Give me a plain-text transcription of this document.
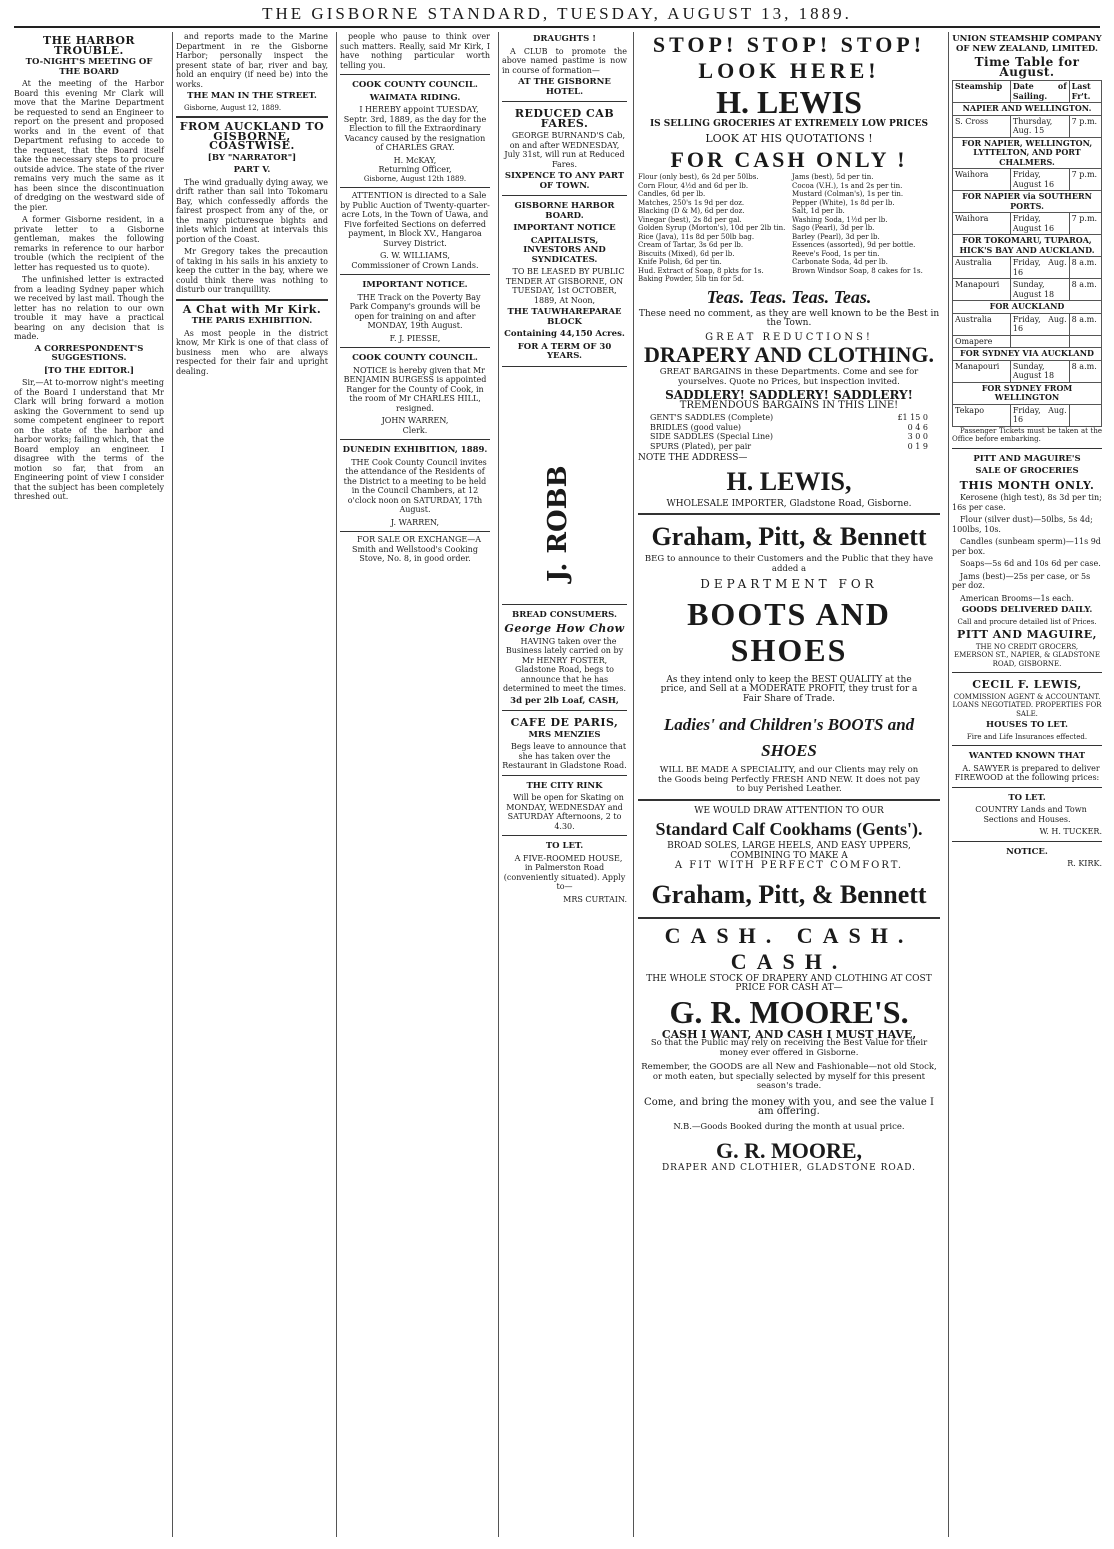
THE GISBORNE STANDARD, TUESDAY, AUGUST 13, 1889.
THE HARBOR TROUBLE.
TO-NIGHT'S MEETING OF THE BOARD

At the meeting of the Harbor Board this evening Mr Clark will move that the Marine Department be requested to send an Engineer to report on the present and proposed works and in the event of that Department refusing to accede to the request, that the Board itself take the necessary steps to procure outside advice. The state of the river remains very much the same as it has been since the discontinuation of dredging on the westward side of the pier.

A former Gisborne resident, in a private letter to a Gisborne gentleman, makes the following remarks in reference to our harbor trouble (which the recipient of the letter has requested us to quote).

The unfinished letter is extracted from a leading Sydney paper which we received by last mail. Though the letter has no relation to our own trouble it may have a practical bearing on any decision that is made.

A CORRESPONDENT'S SUGGESTIONS.
[TO THE EDITOR.]

Sir,—At to-morrow night's meeting of the Board I understand that Mr Clark will bring forward a motion asking the Government to send up some competent engineer to report on the state of the harbor and harbor works; failing which, that the Board employ an engineer. I disagree with the terms of the motion so far, that from an Engineering point of view I consider that the subject has been completely threshed out.

and reports made to the Marine Department in re the Gisborne Harbor; personally inspect the present state of bar, river and bay, hold an enquiry (if need be) into the works.

THE MAN IN THE STREET.

Gisborne, August 12, 1889.

FROM AUCKLAND TO GISBORNE, COASTWISE.
[BY "NARRATOR"]
PART V.

The wind gradually dying away, we drift rather than sail into Tokomaru Bay, which confessedly affords the fairest prospect from any of the, or the many picturesque bights and inlets which indent at intervals this portion of the Coast.

Mr Gregory takes the precaution of taking in his sails in his anxiety to keep the cutter in the bay, where we could think there was nothing to disturb our tranquillity.

A Chat with Mr Kirk.
THE PARIS EXHIBITION.

As most people in the district know, Mr Kirk is one of that class of business men who are always respected for their fair and upright dealing.

people who pause to think over such matters. Really, said Mr Kirk, I have nothing particular worth telling you.

COOK COUNTY COUNCIL.
WAIMATA RIDING.

I HEREBY appoint TUESDAY, Septr. 3rd, 1889, as the day for the Election to fill the Extraordinary Vacancy caused by the resignation of CHARLES GRAY.

H. McKAY,
Returning Officer,
Gisborne, August 12th 1889.

ATTENTION is directed to a Sale by Public Auction of Twenty-quarter-acre Lots, in the Town of Uawa, and Five forfeited Sections on deferred payment, in Block XV., Hangaroa Survey District.

G. W. WILLIAMS,
Commissioner of Crown Lands.
IMPORTANT NOTICE.

THE Track on the Poverty Bay Park Company's grounds will be open for training on and after MONDAY, 19th August.

F. J. PIESSE,
COOK COUNTY COUNCIL.

NOTICE is hereby given that Mr BENJAMIN BURGESS is appointed Ranger for the County of Cook, in the room of Mr CHARLES HILL, resigned.

JOHN WARREN,
Clerk.
DUNEDIN EXHIBITION, 1889.

THE Cook County Council invites the attendance of the Residents of the District to a meeting to be held in the Council Chambers, at 12 o'clock noon on SATURDAY, 17th August.

J. WARREN,

FOR SALE OR EXCHANGE—A Smith and Wellstood's Cooking Stove, No. 8, in good order.

DRAUGHTS !

A CLUB to promote the above named pastime is now in course of formation—

AT THE GISBORNE HOTEL.
REDUCED CAB FARES.

GEORGE BURNAND'S Cab, on and after WEDNESDAY, July 31st, will run at Reduced Fares.

SIXPENCE TO ANY PART OF TOWN.
GISBORNE HARBOR BOARD.
IMPORTANT NOTICE
CAPITALISTS, INVESTORS AND SYNDICATES.

TO BE LEASED BY PUBLIC TENDER AT GISBORNE, ON TUESDAY, 1st OCTOBER, 1889, At Noon,

THE TAUWHAREPARAE BLOCK
Containing 44,150 Acres.
FOR A TERM OF 30 YEARS.
J. ROBB
BREAD CONSUMERS.
George How Chow

HAVING taken over the Business lately carried on by Mr HENRY FOSTER, Gladstone Road, begs to announce that he has determined to meet the times.

3d per 2lb Loaf, CASH,
CAFE DE PARIS,
MRS MENZIES

Begs leave to announce that she has taken over the Restaurant in Gladstone Road.

THE CITY RINK

Will be open for Skating on MONDAY, WEDNESDAY and SATURDAY Afternoons, 2 to 4.30.

TO LET.

A FIVE-ROOMED HOUSE, in Palmerston Road (conveniently situated). Apply to—

MRS CURTAIN.
STOP! STOP! STOP!
LOOK HERE!
H. LEWIS
IS SELLING GROCERIES AT EXTREMELY LOW PRICES
LOOK AT HIS QUOTATIONS !
FOR CASH ONLY !
Flour (only best), 6s 2d per 50lbs.
Corn Flour, 4½d and 6d per lb.
Candles, 6d per lb.
Matches, 250's 1s 9d per doz.
Blacking (D & M), 6d per doz.
Vinegar (best), 2s 8d per gal.
Golden Syrup (Morton's), 10d per 2lb tin.
Rice (Java), 11s 8d per 50lb bag.
Cream of Tartar, 3s 6d per lb.
Biscuits (Mixed), 6d per lb.
Knife Polish, 6d per tin.
Hud. Extract of Soap, 8 pkts for 1s.
Baking Powder, 5lb tin for 5d.
Jams (best), 5d per tin.
Cocoa (V.H.), 1s and 2s per tin.
Mustard (Colman's), 1s per tin.
Pepper (White), 1s 8d per lb.
Salt, 1d per lb.
Washing Soda, 1½d per lb.
Sago (Pearl), 3d per lb.
Barley (Pearl), 3d per lb.
Essences (assorted), 9d per bottle.
Reeve's Food, 1s per tin.
Carbonate Soda, 4d per lb.
Brown Windsor Soap, 8 cakes for 1s.
Teas. Teas. Teas. Teas.
These need no comment, as they are well known to be the Best in the Town.
GREAT REDUCTIONS!
DRAPERY AND CLOTHING.
GREAT BARGAINS in these Departments. Come and see for yourselves. Quote no Prices, but inspection invited.
SADDLERY! SADDLERY! SADDLERY!
TREMENDOUS BARGAINS IN THIS LINE!
GENT'S SADDLES (Complete)	£1 15 0
BRIDLES (good value)	0 4 6
SIDE SADDLES (Special Line)	3 0 0
SPURS (Plated), per pair	0 1 9
NOTE THE ADDRESS—
H. LEWIS,
WHOLESALE IMPORTER, Gladstone Road, Gisborne.
Graham, Pitt, & Bennett
BEG to announce to their Customers and the Public that they have added a
DEPARTMENT FOR
BOOTS AND SHOES
As they intend only to keep the BEST QUALITY at the price, and Sell at a MODERATE PROFIT, they trust for a Fair Share of Trade.
Ladies' and Children's BOOTS and SHOES
WILL BE MADE A SPECIALITY, and our Clients may rely on the Goods being Perfectly FRESH AND NEW. It does not pay to buy Perished Leather.
WE WOULD DRAW ATTENTION TO OUR
Standard Calf Cookhams (Gents').
BROAD SOLES, LARGE HEELS, AND EASY UPPERS,
COMBINING TO MAKE A
A FIT WITH PERFECT COMFORT.
Graham, Pitt, & Bennett
CASH. CASH. CASH.
THE WHOLE STOCK OF DRAPERY AND CLOTHING AT COST PRICE FOR CASH AT—
G. R. MOORE'S.
CASH I WANT, AND CASH I MUST HAVE,
So that the Public may rely on receiving the Best Value for their money ever offered in Gisborne.
Remember, the GOODS are all New and Fashionable—not old Stock, or moth eaten, but specially selected by myself for this present season's trade.
Come, and bring the money with you, and see the value I am offering.
N.B.—Goods Booked during the month at usual price.
G. R. MOORE,
DRAPER AND CLOTHIER, GLADSTONE ROAD.
UNION STEAMSHIP COMPANY OF NEW ZEALAND, LIMITED.
Time Table for August.
Steamship	Date of Sailing.	Last Fr't.
NAPIER AND WELLINGTON.		
S. Cross	Thursday, Aug. 15	7 p.m.
FOR NAPIER, WELLINGTON, LYTTELTON, AND PORT CHALMERS.		
Waihora	Friday, August 16	7 p.m.
FOR NAPIER via SOUTHERN PORTS.		
Waihora	Friday, August 16	7 p.m.
FOR TOKOMARU, TUPAROA, HICK'S BAY AND AUCKLAND.		
Australia	Friday, Aug. 16	8 a.m.
Manapouri	Sunday, August 18	8 a.m.
FOR AUCKLAND		
Australia	Friday, Aug. 16	8 a.m.
Omapere		
FOR SYDNEY VIA AUCKLAND		
Manapouri	Sunday, August 18	8 a.m.
FOR SYDNEY FROM WELLINGTON		
Tekapo	Friday, Aug. 16	

Passenger Tickets must be taken at the Office before embarking.

PITT AND MAGUIRE'S
SALE OF GROCERIES
THIS MONTH ONLY.

Kerosene (high test), 8s 3d per tin; 16s per case.

Flour (silver dust)—50lbs, 5s 4d; 100lbs, 10s.

Candles (sunbeam sperm)—11s 9d per box.

Soaps—5s 6d and 10s 6d per case.

Jams (best)—25s per case, or 5s per doz.

American Brooms—1s each.

GOODS DELIVERED DAILY.
Call and procure detailed list of Prices.
PITT AND MAGUIRE,
THE NO CREDIT GROCERS,
EMERSON ST., NAPIER, & GLADSTONE ROAD, GISBORNE.
CECIL F. LEWIS,
COMMISSION AGENT & ACCOUNTANT.
LOANS NEGOTIATED. PROPERTIES FOR SALE.
HOUSES TO LET.
Fire and Life Insurances effected.
WANTED KNOWN THAT

A. SAWYER is prepared to deliver FIREWOOD at the following prices:

TO LET.

COUNTRY Lands and Town Sections and Houses.

W. H. TUCKER.
NOTICE.
R. KIRK.
